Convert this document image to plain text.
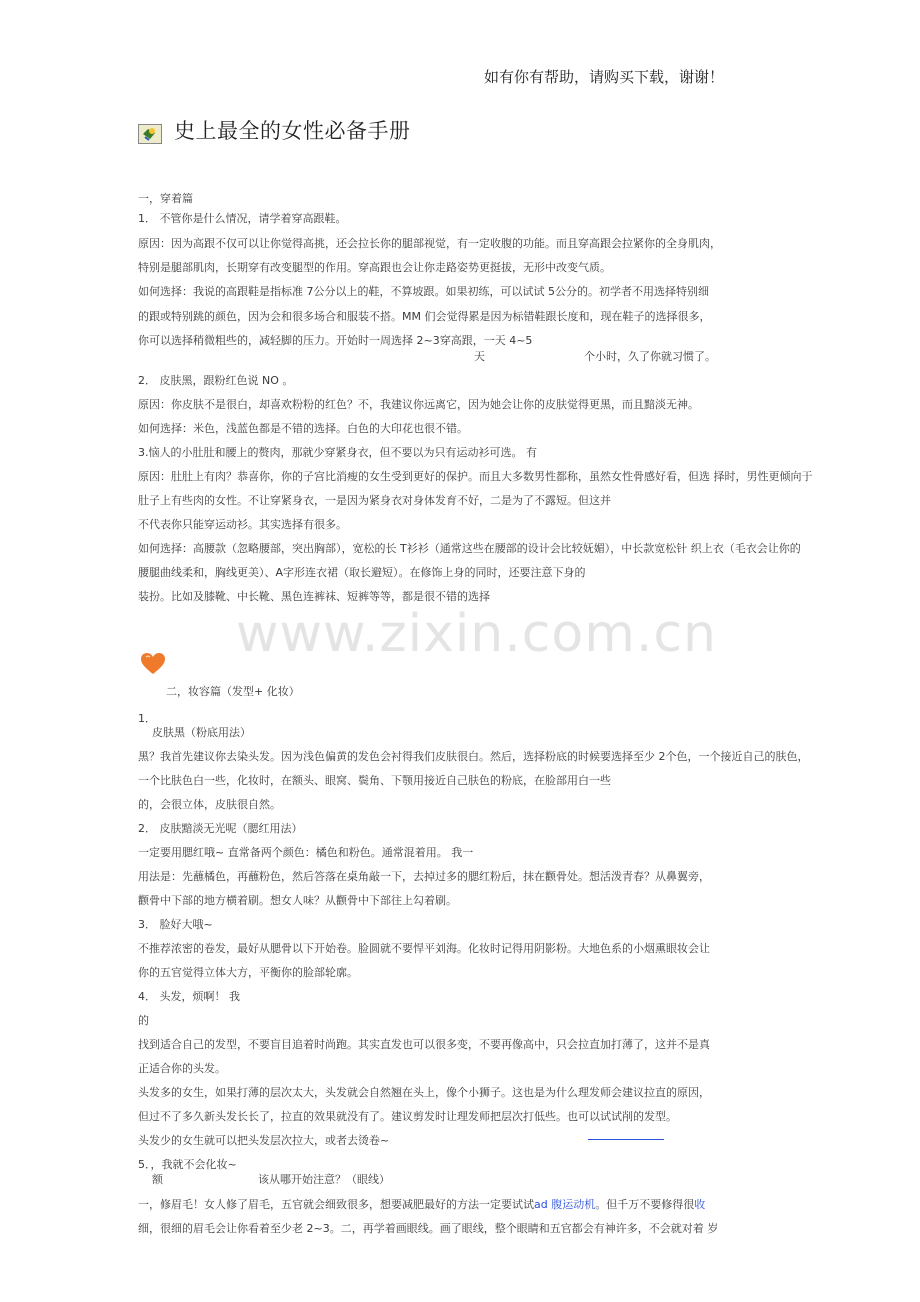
如有你有帮助，请购买下载，谢谢！
史上最全的女性必备手册
一，穿着篇
1． 不管你是什么情况，请学着穿高跟鞋。
原因：因为高跟不仅可以让你觉得高挑，还会拉长你的腿部视觉，有一定收腹的功能。而且穿高跟会拉紧你的全身肌肉，
特别是腿部肌肉，长期穿有改变腿型的作用。穿高跟也会让你走路姿势更挺拔，无形中改变气质。
如何选择：我说的高跟鞋是指标准 7公分以上的鞋，不算坡跟。如果初练，可以试试 5公分的。初学者不用选择特别细
的跟或特别跳的颜色，因为会和很多场合和服装不搭。MM 们会觉得累是因为标错鞋跟长度和，现在鞋子的选择很多，
你可以选择稍微粗些的，减轻脚的压力。开始时一周选择 2~3穿高跟，一天 4~5
天	个小时，久了你就习惯了。
2． 皮肤黑，跟粉红色说 NO 。
原因：你皮肤不是很白，却喜欢粉粉的红色？不，我建议你远离它，因为她会让你的皮肤觉得更黑，而且黯淡无神。
如何选择：米色，浅蓝色都是不错的选择。白色的大印花也很不错。
3.恼人的小肚肚和腰上的赘肉，那就少穿紧身衣，但不要以为只有运动衫可选。 有
原因：肚肚上有肉？恭喜你，你的子宫比消瘦的女生受到更好的保护。而且大多数男性都称，虽然女性骨感好看，但选 择时，男性更倾向于
肚子上有些肉的女性。不让穿紧身衣，一是因为紧身衣对身体发育不好，二是为了不露短。但这并
不代表你只能穿运动衫。其实选择有很多。
如何选择：高腰款（忽略腰部，突出胸部），宽松的长 T衫衫（通常这些在腰部的设计会比较妩媚），中长款宽松针 织上衣（毛衣会让你的
腰腿曲线柔和，胸线更美）、A字形连衣裙（取长避短）。在修饰上身的同时，还要注意下身的
装扮。比如及膝靴、中长靴、黑色连裤袜、短裤等等，都是很不错的选择
www.zixin.com.cn
二，妆容篇（发型+ 化妆）
1．
皮肤黑（粉底用法）
黑？我首先建议你去染头发。因为浅色偏黄的发色会衬得我们皮肤很白。然后，选择粉底的时候要选择至少 2个色，一个接近自己的肤色，
一个比肤色白一些，化妆时，在额头、眼窝、鬓角、下颚用接近自己肤色的粉底，在脸部用白一些
的，会很立体，皮肤很自然。
2． 皮肤黯淡无光呢（腮红用法）
一定要用腮红哦~ 直常备两个颜色：橘色和粉色。通常混着用。 我一
用法是：先蘸橘色，再蘸粉色，然后答落在桌角敲一下，去掉过多的腮红粉后，抹在颧骨处。想活泼青春？从鼻翼旁，
颧骨中下部的地方横着刷。想女人味？从颧骨中下部往上勾着刷。
3． 脸好大哦~
不推荐浓密的卷发，最好从腮骨以下开始卷。脸圆就不要悍平刘海。化妆时记得用阴影粉。大地色系的小烟熏眼妆会让
你的五官觉得立体大方，平衡你的脸部轮廓。
4． 头发，烦啊！ 我
的
找到适合自己的发型，不要盲目追着时尚跑。其实直发也可以很多变，不要再像高中，只会拉直加打薄了，这并不是真
正适合你的头发。
头发多的女生，如果打薄的层次太大，头发就会自然翘在头上，像个小狮子。这也是为什么理发师会建议拉直的原因，
但过不了多久新头发长长了，拉直的效果就没有了。建议剪发时让理发师把层次打低些。也可以试试削的发型。
头发少的女生就可以把头发层次拉大，或者去烫卷~
5．，我就不会化妆~
额	该从哪开始注意？（眼线）
一，修眉毛！女人修了眉毛，五官就会细致很多，想要减肥最好的方法一定要试试ad 腹运动机。但千万不要修得很收
细，很细的眉毛会让你看着至少老 2~3。二，再学着画眼线。画了眼线，整个眼睛和五官都会有神许多，不会就对着 岁
